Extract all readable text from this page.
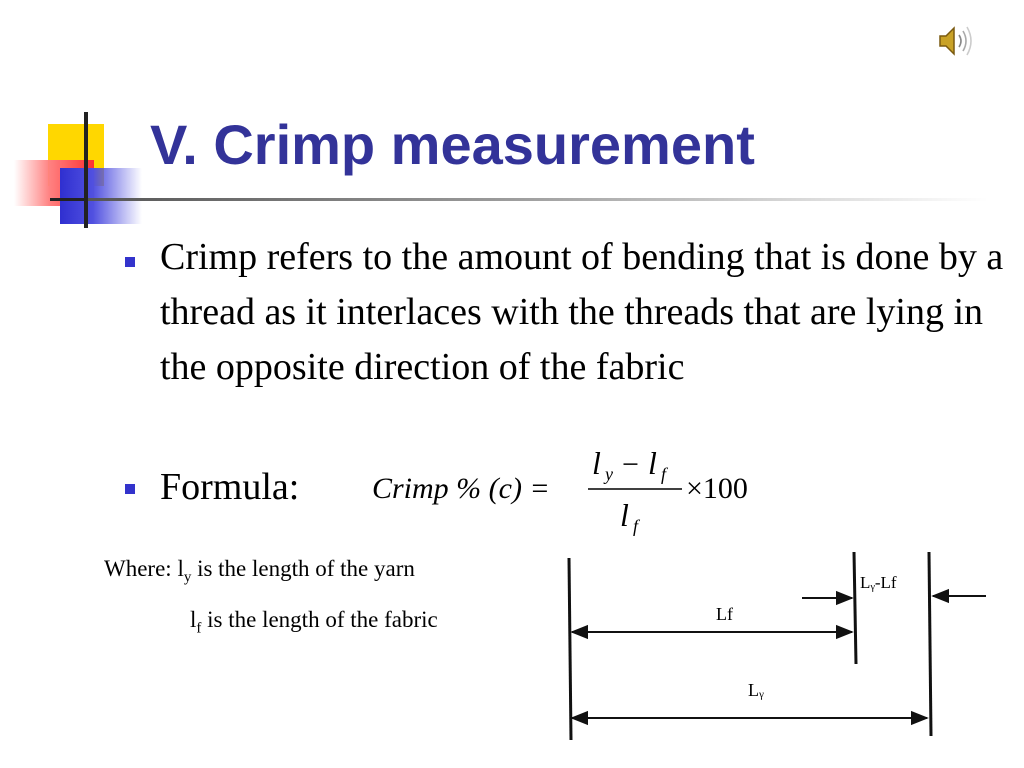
V. Crimp measurement

Crimp refers to the amount of bending that is done by a thread as it interlaces with the threads that are lying in the opposite direction of the fabric

Formula: Crimp % (c) =
l y − l f
l f
×100
Where: $l_y$ is the length of the yarn
$l_f$ is the length of the fabric	Lf
Lᵧ
Lᵧ-Lf
